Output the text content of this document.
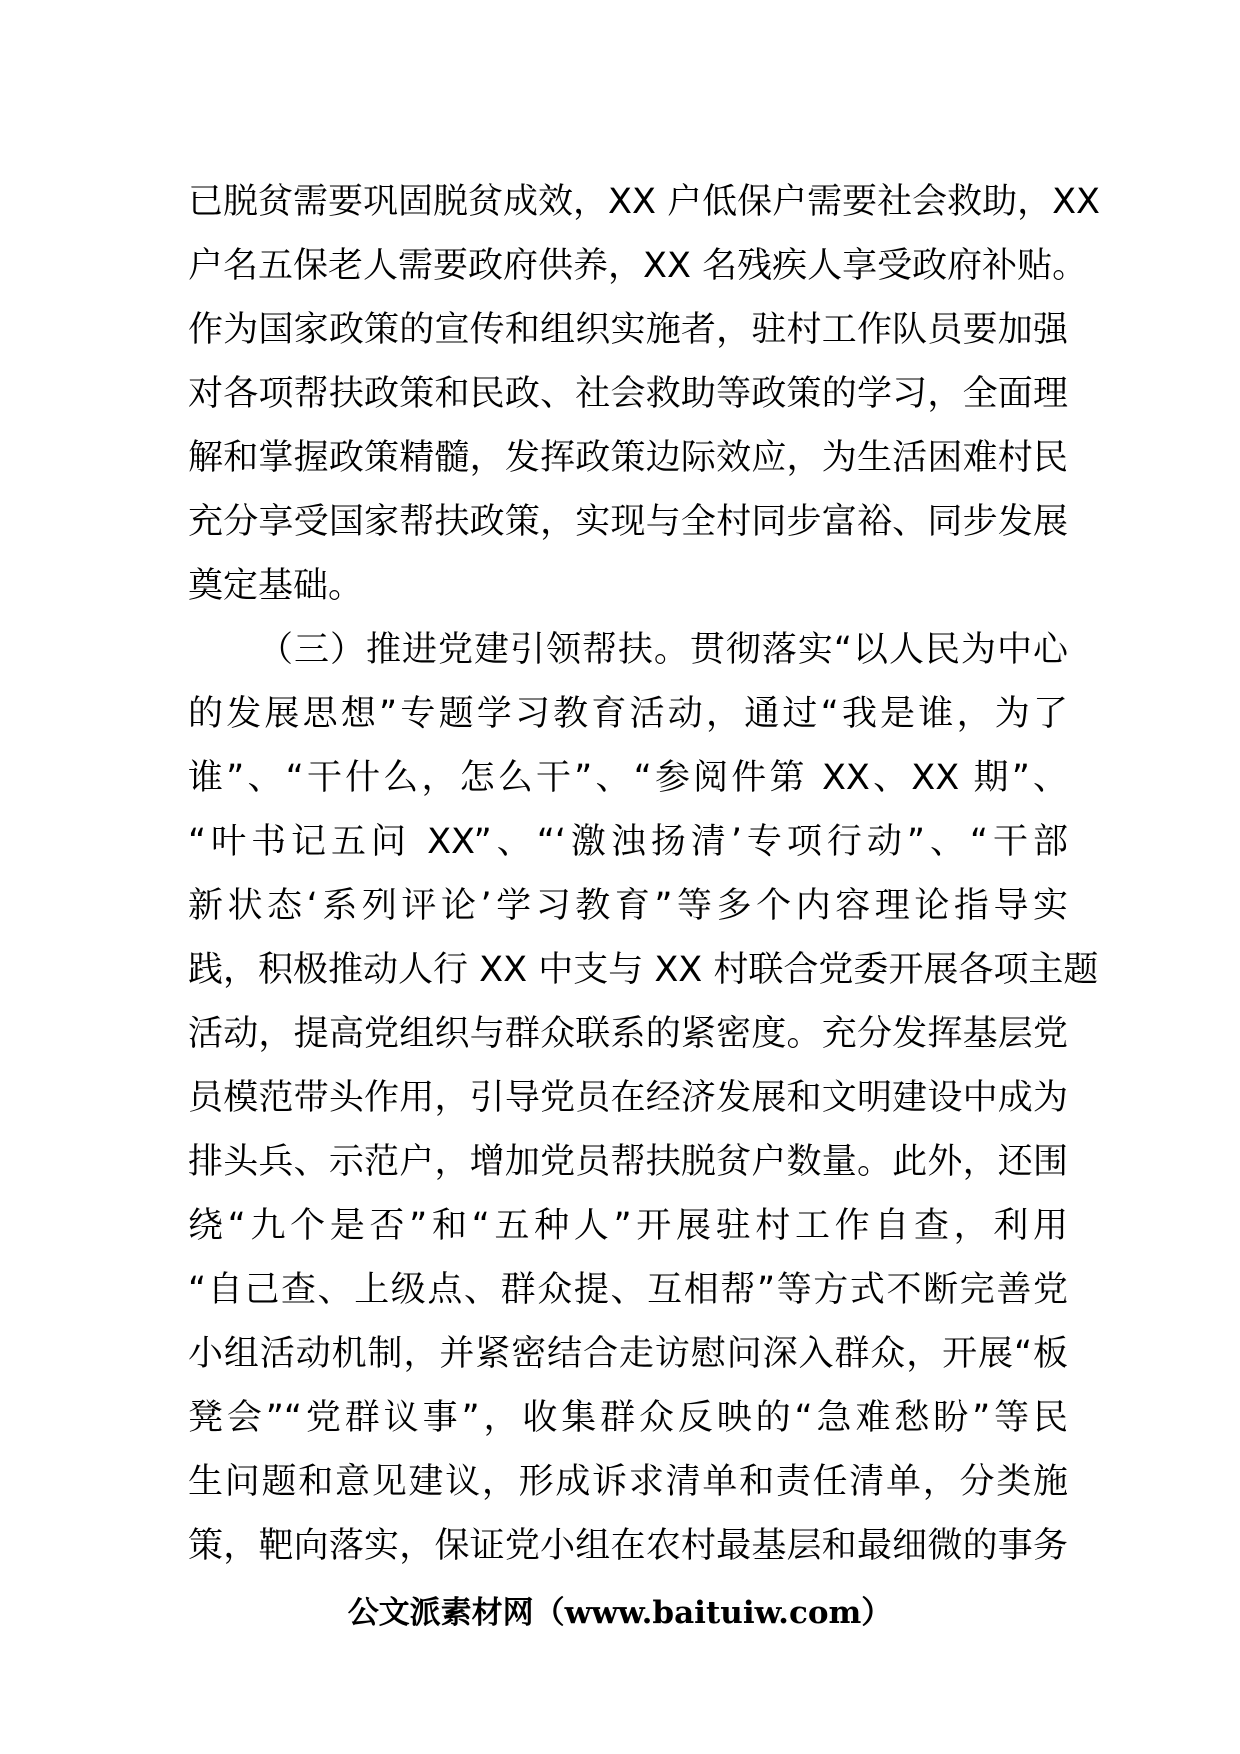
已脱贫需要巩固脱贫成效，XX 户低保户需要社会救助，XX
户名五保老人需要政府供养，XX 名残疾人享受政府补贴。
作为国家政策的宣传和组织实施者，驻村工作队员要加强
对各项帮扶政策和民政、社会救助等政策的学习，全面理
解和掌握政策精髓，发挥政策边际效应，为生活困难村民
充分享受国家帮扶政策，实现与全村同步富裕、同步发展
奠定基础。
（三）推进党建引领帮扶。贯彻落实“以人民为中心
的发展思想”专题学习教育活动，通过“我是谁，为了
谁”、“干什么，怎么干”、“参阅件第 XX、XX 期”、
“叶书记五问 XX”、“‘激浊扬清’专项行动”、“干部
新状态‘系列评论’学习教育”等多个内容理论指导实
践，积极推动人行 XX 中支与 XX 村联合党委开展各项主题
活动，提高党组织与群众联系的紧密度。充分发挥基层党
员模范带头作用，引导党员在经济发展和文明建设中成为
排头兵、示范户，增加党员帮扶脱贫户数量。此外，还围
绕“九个是否”和“五种人”开展驻村工作自查，利用
“自己查、上级点、群众提、互相帮”等方式不断完善党
小组活动机制，并紧密结合走访慰问深入群众，开展“板
凳会”“党群议事”，收集群众反映的“急难愁盼”等民
生问题和意见建议，形成诉求清单和责任清单，分类施
策，靶向落实，保证党小组在农村最基层和最细微的事务
公文派素材网（www.baituiw.com）
